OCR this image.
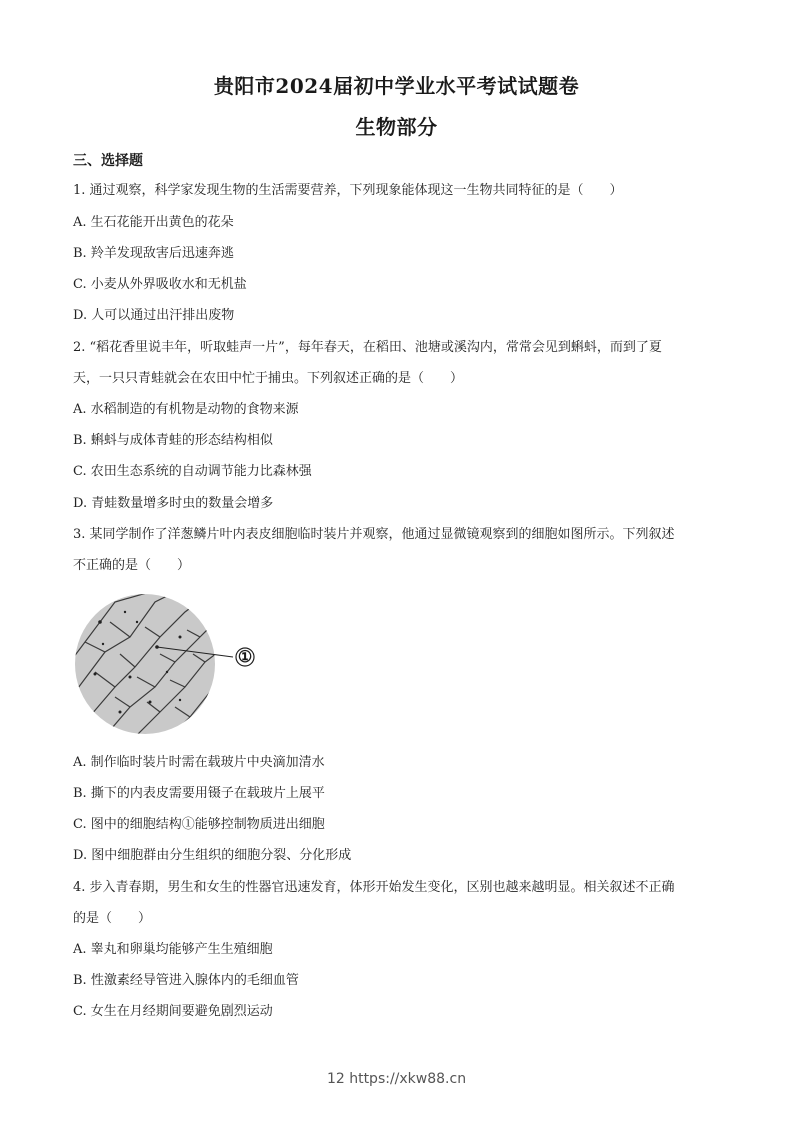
贵阳市2024届初中学业水平考试试题卷
生物部分
三、选择题
1. 通过观察，科学家发现生物的生活需要营养，下列现象能体现这一生物共同特征的是（　　）
A. 生石花能开出黄色的花朵
B. 羚羊发现敌害后迅速奔逃
C. 小麦从外界吸收水和无机盐
D. 人可以通过出汗排出废物
2. “稻花香里说丰年，听取蛙声一片”，每年春天，在稻田、池塘或溪沟内，常常会见到蝌蚪，而到了夏
天，一只只青蛙就会在农田中忙于捕虫。下列叙述正确的是（　　）
A. 水稻制造的有机物是动物的食物来源
B. 蝌蚪与成体青蛙的形态结构相似
C. 农田生态系统的自动调节能力比森林强
D. 青蛙数量增多时虫的数量会增多
3. 某同学制作了洋葱鳞片叶内表皮细胞临时装片并观察，他通过显微镜观察到的细胞如图所示。下列叙述
不正确的是（　　）
①
A. 制作临时装片时需在载玻片中央滴加清水
B. 撕下的内表皮需要用镊子在载玻片上展平
C. 图中的细胞结构①能够控制物质进出细胞
D. 图中细胞群由分生组织的细胞分裂、分化形成
4. 步入青春期，男生和女生的性器官迅速发育，体形开始发生变化，区别也越来越明显。相关叙述不正确
的是（　　）
A. 睾丸和卵巢均能够产生生殖细胞
B. 性激素经导管进入腺体内的毛细血管
C. 女生在月经期间要避免剧烈运动
12 https://xkw88.cn
